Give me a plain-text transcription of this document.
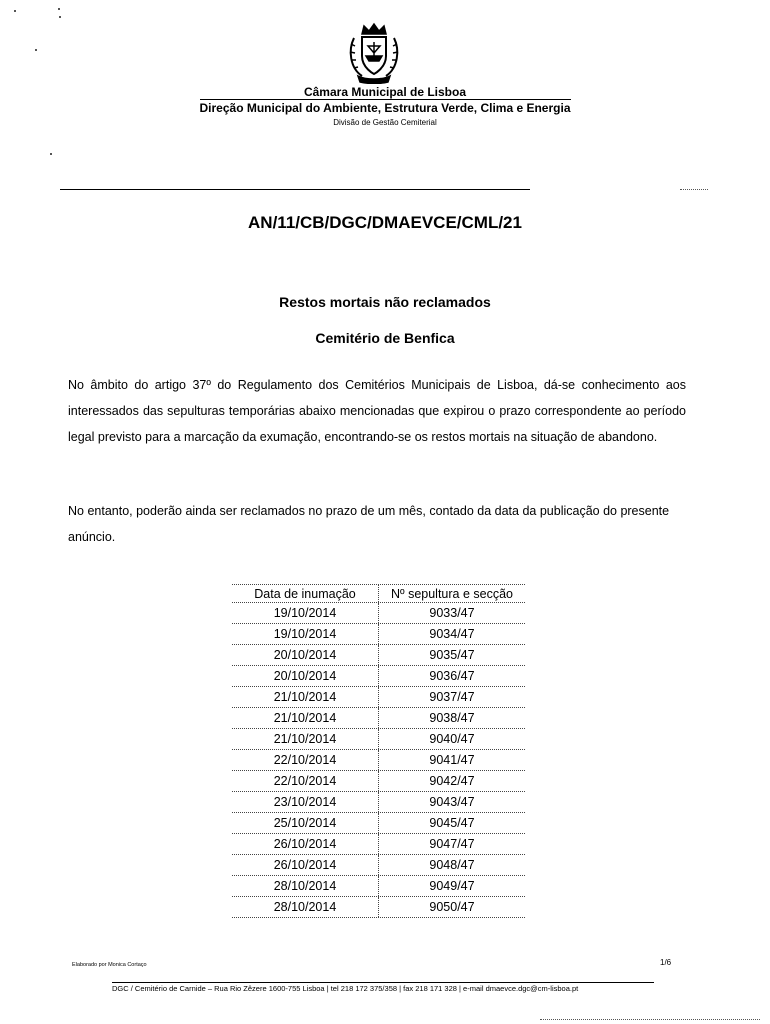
Câmara Municipal de Lisboa
Direção Municipal do Ambiente, Estrutura Verde, Clima e Energia
Divisão de Gestão Cemiterial
AN/11/CB/DGC/DMAEVCE/CML/21
Restos mortais não reclamados
Cemitério de Benfica
No âmbito do artigo 37º do Regulamento dos Cemitérios Municipais de Lisboa, dá-se conhecimento aos interessados das sepulturas temporárias abaixo mencionadas que expirou o prazo correspondente ao período legal previsto para a marcação da exumação, encontrando-se os restos mortais na situação de abandono.
No entanto, poderão ainda ser reclamados no prazo de um mês, contado da data da publicação do presente anúncio.
Data de inumação	Nº sepultura e secção
19/10/2014	9033/47
19/10/2014	9034/47
20/10/2014	9035/47
20/10/2014	9036/47
21/10/2014	9037/47
21/10/2014	9038/47
21/10/2014	9040/47
22/10/2014	9041/47
22/10/2014	9042/47
23/10/2014	9043/47
25/10/2014	9045/47
26/10/2014	9047/47
26/10/2014	9048/47
28/10/2014	9049/47
28/10/2014	9050/47
Elaborado por Monica Cortaço	1/6
DGC / Cemitério de Carnide – Rua Rio Zêzere 1600-755 Lisboa | tel 218 172 375/358 | fax 218 171 328 | e-mail dmaevce.dgc@cm-lisboa.pt
